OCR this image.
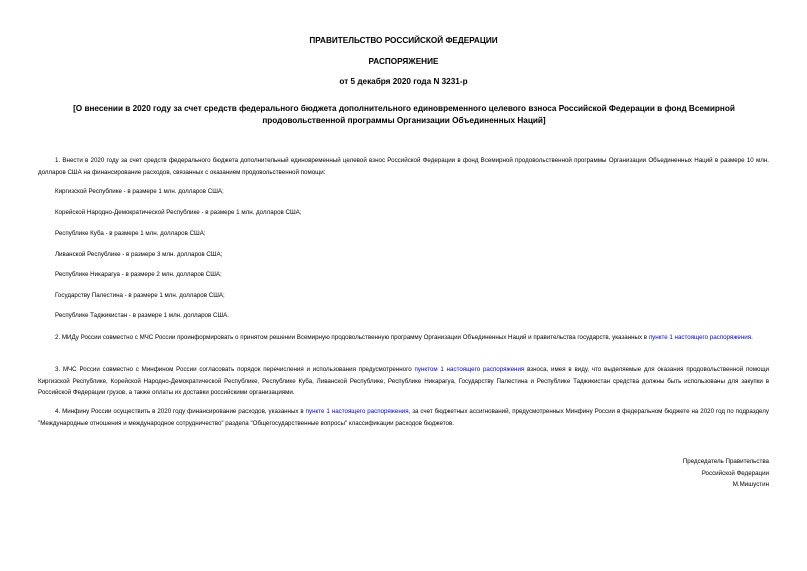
ПРАВИТЕЛЬСТВО РОССИЙСКОЙ ФЕДЕРАЦИИ
РАСПОРЯЖЕНИЕ
от 5 декабря 2020 года N 3231-р
[О внесении в 2020 году за счет средств федерального бюджета дополнительного единовременного целевого взноса Российской Федерации в фонд Всемирной продовольственной программы Организации Объединенных Наций]
1. Внести в 2020 году за счет средств федерального бюджета дополнительный единовременный целевой взнос Российской Федерации в фонд Всемирной продовольственной программы Организации Объединенных Наций в размере 10 млн. долларов США на финансирование расходов, связанных с оказанием продовольственной помощи:
Киргизской Республике - в размере 1 млн. долларов США;
Корейской Народно-Демократической Республике - в размере 1 млн. долларов США;
Республике Куба - в размере 1 млн. долларов США;
Ливанской Республике - в размере 3 млн. долларов США;
Республике Никарагуа - в размере 2 млн. долларов США;
Государству Палестина - в размере 1 млн. долларов США;
Республике Таджикистан - в размере 1 млн. долларов США.
2. МИДу России совместно с МЧС России проинформировать о принятом решении Всемирную продовольственную программу Организации Объединенных Наций и правительства государств, указанных в пункте 1 настоящего распоряжения.
3. МЧС России совместно с Минфином России согласовать порядок перечисления и использования предусмотренного пунктом 1 настоящего распоряжения взноса, имея в виду, что выделяемые для оказания продовольственной помощи Киргизской Республике, Корейской Народно-Демократической Республике, Республике Куба, Ливанской Республике, Республике Никарагуа, Государству Палестина и Республике Таджикистан средства должны быть использованы для закупки в Российской Федерации грузов, а также оплаты их доставки российскими организациями.
4. Минфину России осуществить в 2020 году финансирование расходов, указанных в пункте 1 настоящего распоряжения, за счет бюджетных ассигнований, предусмотренных Минфину России в федеральном бюджете на 2020 год по подразделу "Международные отношения и международное сотрудничество" раздела "Общегосударственные вопросы" классификации расходов бюджетов.
Председатель Правительства
Российской Федерации
М.Мишустин
